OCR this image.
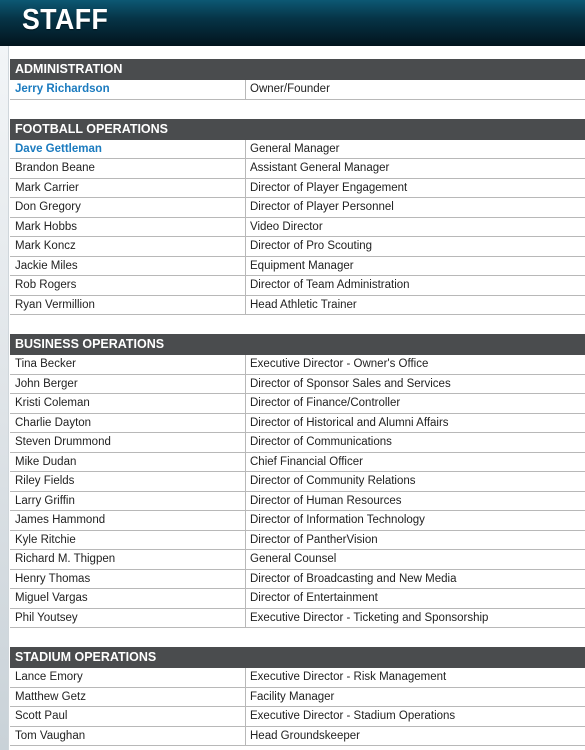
STAFF
ADMINISTRATION
Jerry Richardson	Owner/Founder
FOOTBALL OPERATIONS
Dave Gettleman	General Manager
Brandon Beane	Assistant General Manager
Mark Carrier	Director of Player Engagement
Don Gregory	Director of Player Personnel
Mark Hobbs	Video Director
Mark Koncz	Director of Pro Scouting
Jackie Miles	Equipment Manager
Rob Rogers	Director of Team Administration
Ryan Vermillion	Head Athletic Trainer
BUSINESS OPERATIONS
Tina Becker	Executive Director - Owner's Office
John Berger	Director of Sponsor Sales and Services
Kristi Coleman	Director of Finance/Controller
Charlie Dayton	Director of Historical and Alumni Affairs
Steven Drummond	Director of Communications
Mike Dudan	Chief Financial Officer
Riley Fields	Director of Community Relations
Larry Griffin	Director of Human Resources
James Hammond	Director of Information Technology
Kyle Ritchie	Director of PantherVision
Richard M. Thigpen	General Counsel
Henry Thomas	Director of Broadcasting and New Media
Miguel Vargas	Director of Entertainment
Phil Youtsey	Executive Director - Ticketing and Sponsorship
STADIUM OPERATIONS
Lance Emory	Executive Director - Risk Management
Matthew Getz	Facility Manager
Scott Paul	Executive Director - Stadium Operations
Tom Vaughan	Head Groundskeeper
